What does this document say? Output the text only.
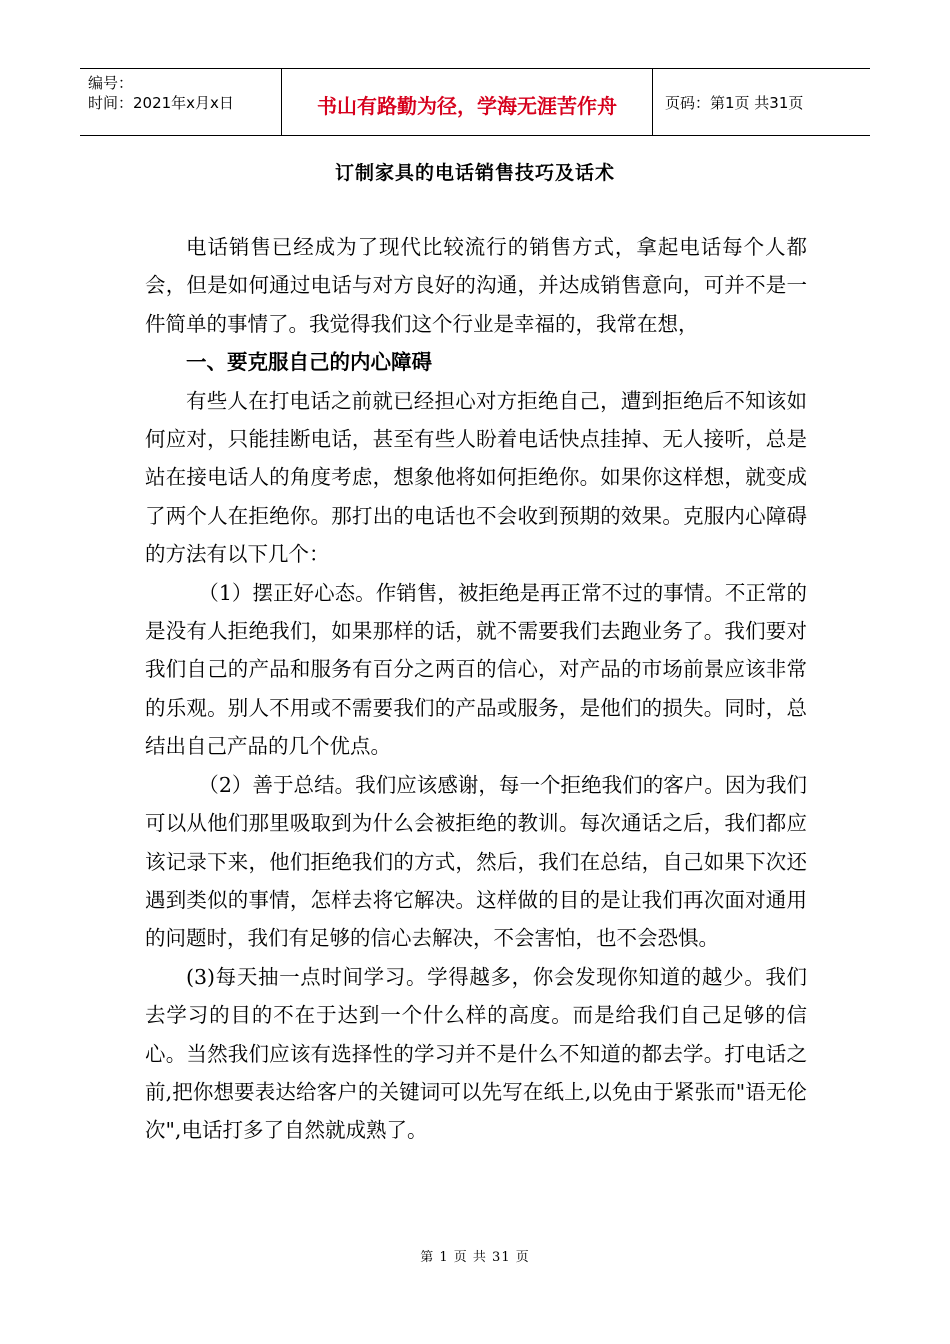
编号：
时间：2021年x月x日	书山有路勤为径，学海无涯苦作舟	页码：第1页 共31页
订制家具的电话销售技巧及话术

电话销售已经成为了现代比较流行的销售方式，拿起电话每个人都会，但是如何通过电话与对方良好的沟通，并达成销售意向，可并不是一件简单的事情了。我觉得我们这个行业是幸福的，我常在想，

一、要克服自己的内心障碍

有些人在打电话之前就已经担心对方拒绝自己，遭到拒绝后不知该如何应对，只能挂断电话，甚至有些人盼着电话快点挂掉、无人接听，总是站在接电话人的角度考虑，想象他将如何拒绝你。如果你这样想，就变成了两个人在拒绝你。那打出的电话也不会收到预期的效果。克服内心障碍的方法有以下几个：

（1）摆正好心态。作销售，被拒绝是再正常不过的事情。不正常的是没有人拒绝我们，如果那样的话，就不需要我们去跑业务了。我们要对我们自己的产品和服务有百分之两百的信心，对产品的市场前景应该非常的乐观。别人不用或不需要我们的产品或服务，是他们的损失。同时，总结出自己产品的几个优点。

（2）善于总结。我们应该感谢，每一个拒绝我们的客户。因为我们可以从他们那里吸取到为什么会被拒绝的教训。每次通话之后，我们都应该记录下来，他们拒绝我们的方式，然后，我们在总结，自己如果下次还遇到类似的事情，怎样去将它解决。这样做的目的是让我们再次面对通用的问题时，我们有足够的信心去解决，不会害怕，也不会恐惧。

(3)每天抽一点时间学习。学得越多，你会发现你知道的越少。我们去学习的目的不在于达到一个什么样的高度。而是给我们自己足够的信心。当然我们应该有选择性的学习并不是什么不知道的都去学。打电话之前,把你想要表达给客户的关键词可以先写在纸上,以免由于紧张而"语无伦次",电话打多了自然就成熟了。

第 1 页 共 31 页
